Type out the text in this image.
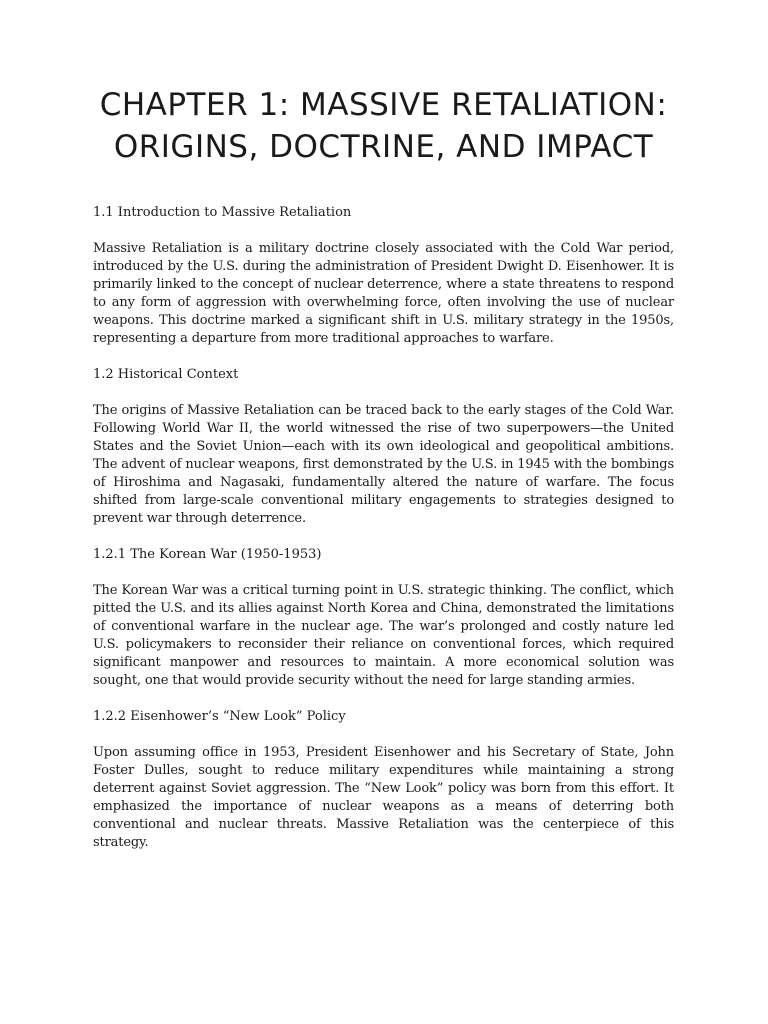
CHAPTER 1: MASSIVE RETALIATION: ORIGINS, DOCTRINE, AND IMPACT
1.1 Introduction to Massive Retaliation

Massive Retaliation is a military doctrine closely associated with the Cold War period, introduced by the U.S. during the administration of President Dwight D. Eisenhower. It is primarily linked to the concept of nuclear deterrence, where a state threatens to respond to any form of aggression with overwhelming force, often involving the use of nuclear weapons. This doctrine marked a significant shift in U.S. military strategy in the 1950s, representing a departure from more traditional approaches to warfare.

1.2 Historical Context

The origins of Massive Retaliation can be traced back to the early stages of the Cold War. Following World War II, the world witnessed the rise of two superpowers—the United States and the Soviet Union—each with its own ideological and geopolitical ambitions. The advent of nuclear weapons, first demonstrated by the U.S. in 1945 with the bombings of Hiroshima and Nagasaki, fundamentally altered the nature of warfare. The focus shifted from large-scale conventional military engagements to strategies designed to prevent war through deterrence.

1.2.1 The Korean War (1950-1953)

The Korean War was a critical turning point in U.S. strategic thinking. The conflict, which pitted the U.S. and its allies against North Korea and China, demonstrated the limitations of conventional warfare in the nuclear age. The war’s prolonged and costly nature led U.S. policymakers to reconsider their reliance on conventional forces, which required significant manpower and resources to maintain. A more economical solution was sought, one that would provide security without the need for large standing armies.

1.2.2 Eisenhower’s “New Look” Policy

Upon assuming office in 1953, President Eisenhower and his Secretary of State, John Foster Dulles, sought to reduce military expenditures while maintaining a strong deterrent against Soviet aggression. The “New Look” policy was born from this effort. It emphasized the importance of nuclear weapons as a means of deterring both conventional and nuclear threats. Massive Retaliation was the centerpiece of this strategy.
